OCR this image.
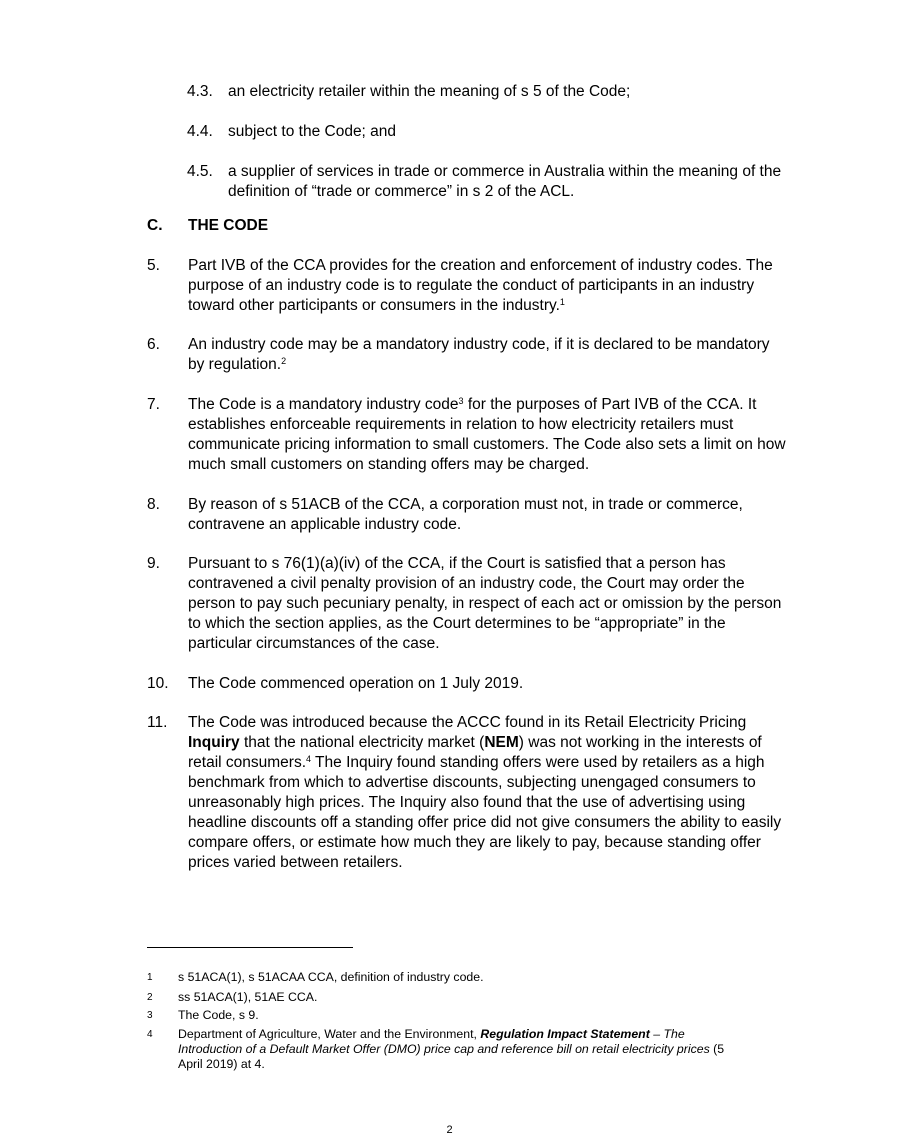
4.3. an electricity retailer within the meaning of s 5 of the Code;
4.4. subject to the Code; and
4.5. a supplier of services in trade or commerce in Australia within the meaning of the
definition of “trade or commerce” in s 2 of the ACL.
C. THE CODE
5. Part IVB of the CCA provides for the creation and enforcement of industry codes. The
purpose of an industry code is to regulate the conduct of participants in an industry
toward other participants or consumers in the industry.$^1$
6. An industry code may be a mandatory industry code, if it is declared to be mandatory
by regulation.$^2$
7. The Code is a mandatory industry code$^3$ for the purposes of Part IVB of the CCA. It
establishes enforceable requirements in relation to how electricity retailers must
communicate pricing information to small customers. The Code also sets a limit on how
much small customers on standing offers may be charged.
8. By reason of s 51ACB of the CCA, a corporation must not, in trade or commerce,
contravene an applicable industry code.
9. Pursuant to s 76(1)(a)(iv) of the CCA, if the Court is satisfied that a person has
contravened a civil penalty provision of an industry code, the Court may order the
person to pay such pecuniary penalty, in respect of each act or omission by the person
to which the section applies, as the Court determines to be “appropriate” in the
particular circumstances of the case.
10. The Code commenced operation on 1 July 2019.
11. The Code was introduced because the ACCC found in its Retail Electricity Pricing
Inquiry that the national electricity market (NEM) was not working in the interests of
retail consumers.$^4$ The Inquiry found standing offers were used by retailers as a high
benchmark from which to advertise discounts, subjecting unengaged consumers to
unreasonably high prices. The Inquiry also found that the use of advertising using
headline discounts off a standing offer price did not give consumers the ability to easily
compare offers, or estimate how much they are likely to pay, because standing offer
prices varied between retailers.
1 s 51ACA(1), s 51ACAA CCA, definition of industry code.
2 ss 51ACA(1), 51AE CCA.
3 The Code, s 9.
4 Department of Agriculture, Water and the Environment, Regulation Impact Statement – The
Introduction of a Default Market Offer (DMO) price cap and reference bill on retail electricity prices (5
April 2019) at 4.
2
